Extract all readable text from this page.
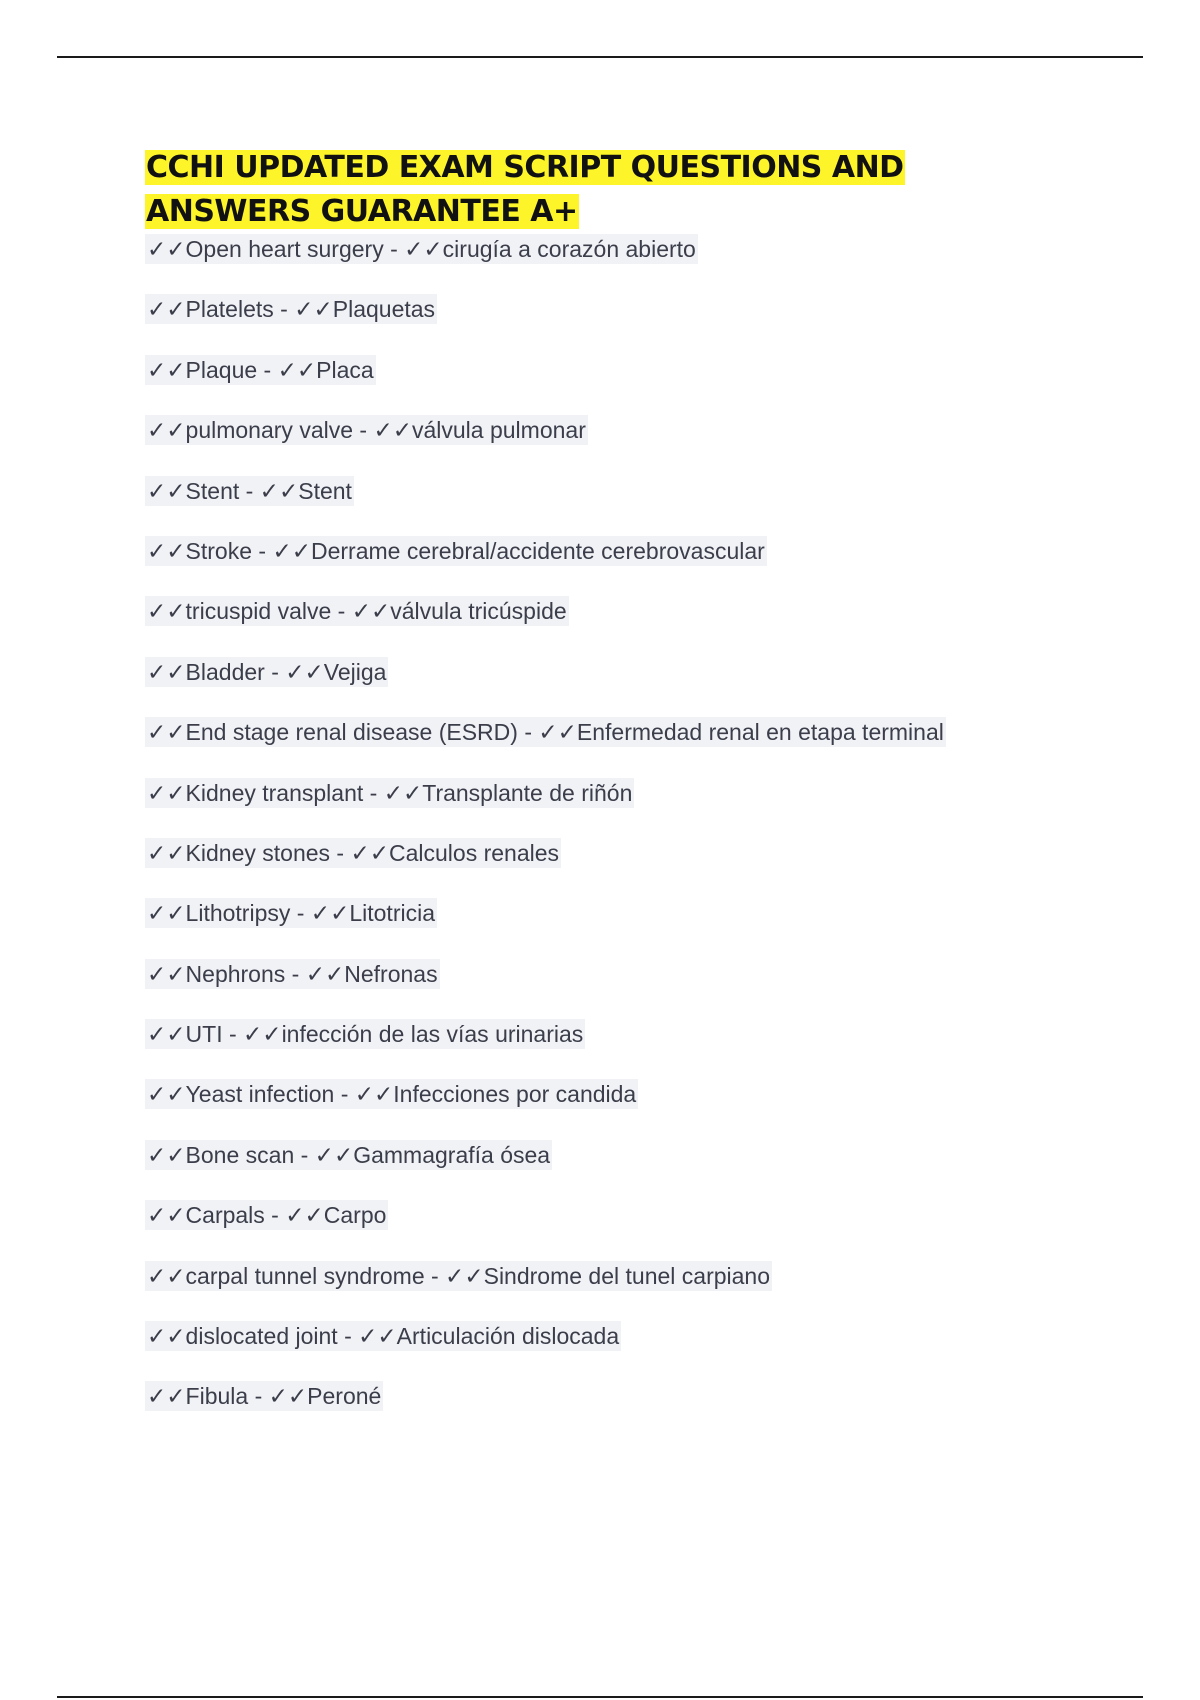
CCHI UPDATED EXAM SCRIPT QUESTIONS AND
ANSWERS GUARANTEE A+
✓✓Open heart surgery - ✓✓cirugía a corazón abierto
✓✓Platelets - ✓✓Plaquetas
✓✓Plaque - ✓✓Placa
✓✓pulmonary valve - ✓✓válvula pulmonar
✓✓Stent - ✓✓Stent
✓✓Stroke - ✓✓Derrame cerebral/accidente cerebrovascular
✓✓tricuspid valve - ✓✓válvula tricúspide
✓✓Bladder - ✓✓Vejiga
✓✓End stage renal disease (ESRD) - ✓✓Enfermedad renal en etapa terminal
✓✓Kidney transplant - ✓✓Transplante de riñón
✓✓Kidney stones - ✓✓Calculos renales
✓✓Lithotripsy - ✓✓Litotricia
✓✓Nephrons - ✓✓Nefronas
✓✓UTI - ✓✓infección de las vías urinarias
✓✓Yeast infection - ✓✓Infecciones por candida
✓✓Bone scan - ✓✓Gammagrafía ósea
✓✓Carpals - ✓✓Carpo
✓✓carpal tunnel syndrome - ✓✓Sindrome del tunel carpiano
✓✓dislocated joint - ✓✓Articulación dislocada
✓✓Fibula - ✓✓Peroné
